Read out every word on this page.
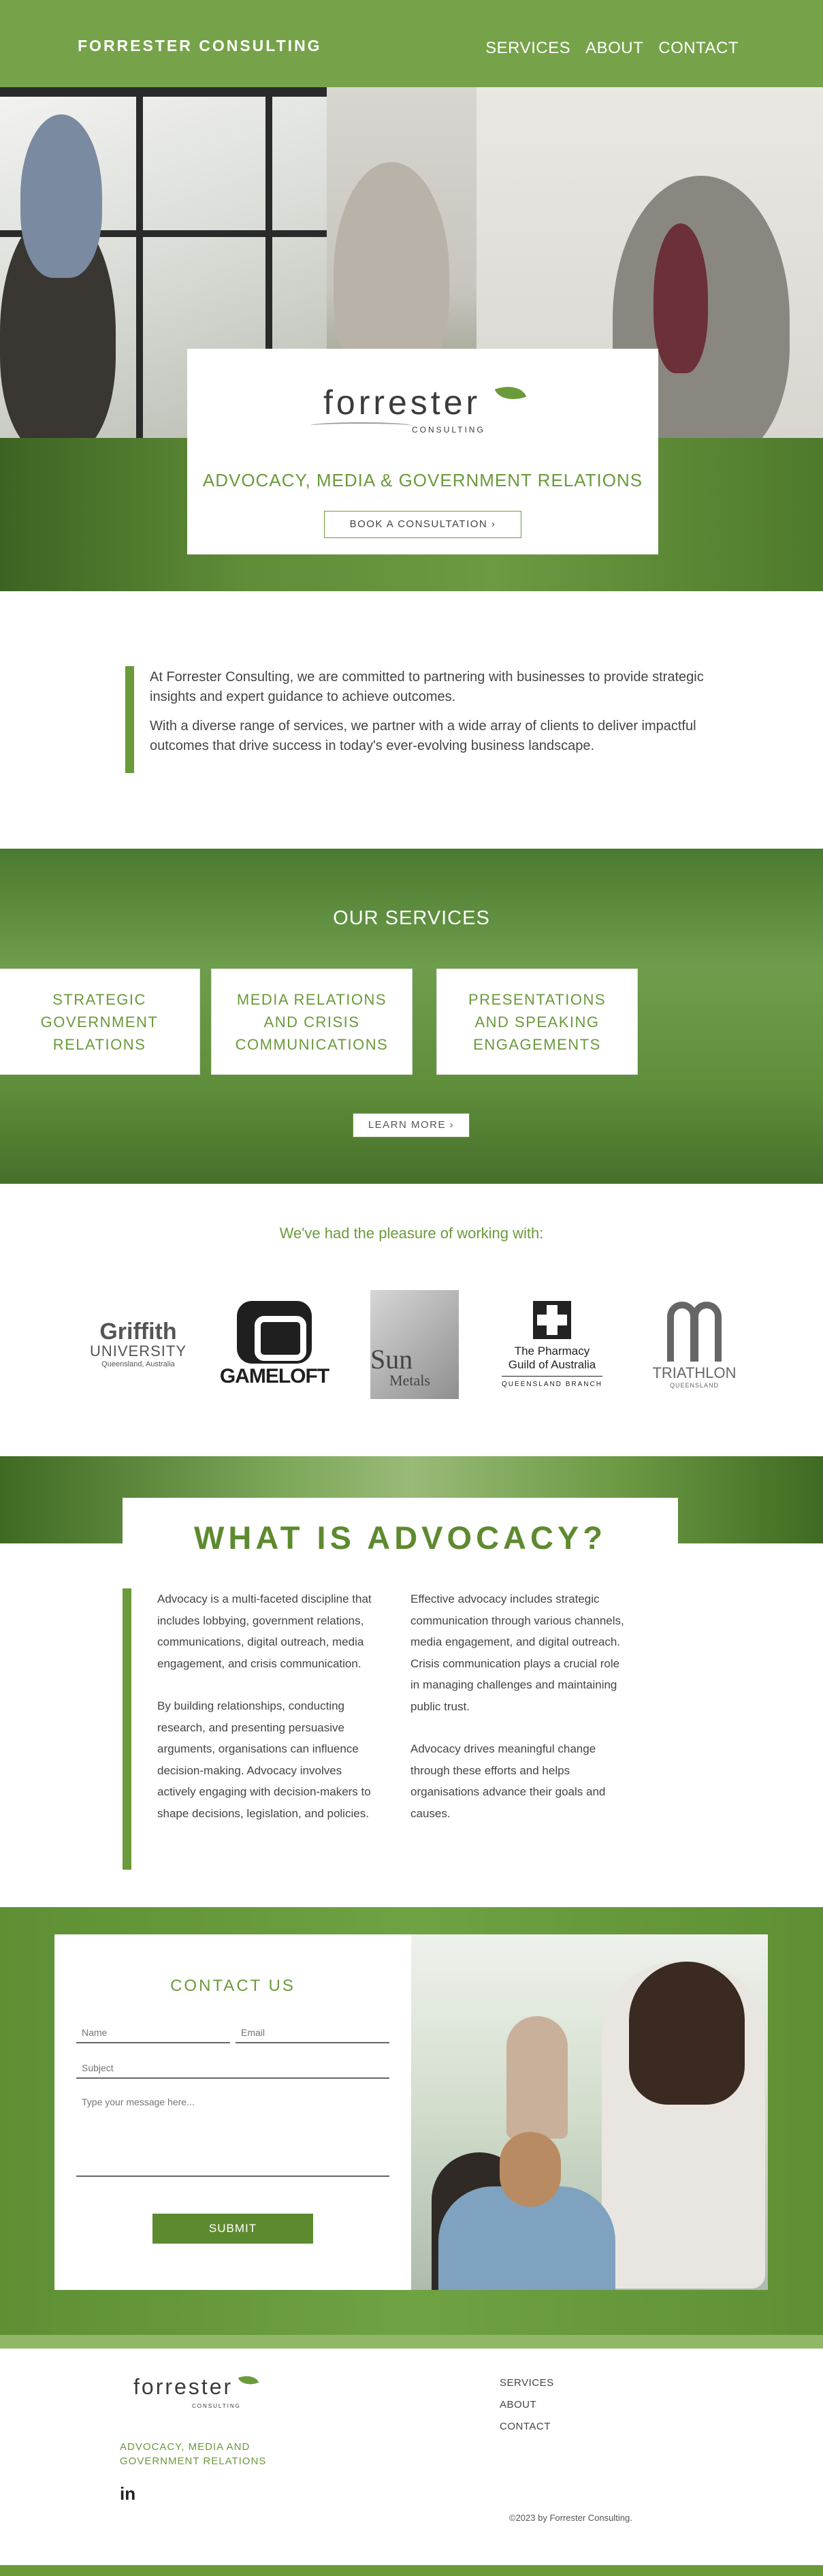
FORRESTER CONSULTING	SERVICES ABOUT CONTACT
forrester
CONSULTING
ADVOCACY, MEDIA & GOVERNMENT RELATIONS
BOOK A CONSULTATION ›

At Forrester Consulting, we are committed to partnering with businesses to provide strategic insights and expert guidance to achieve outcomes.

With a diverse range of services, we partner with a wide array of clients to deliver impactful outcomes that drive success in today's ever-evolving business landscape.

OUR SERVICES
STRATEGIC GOVERNMENT RELATIONS
MEDIA RELATIONS AND CRISIS COMMUNICATIONS
PRESENTATIONS AND SPEAKING ENGAGEMENTS
LEARN MORE ›
We've had the pleasure of working with:
Griffith
UNIVERSITY
Queensland, Australia
GAMELOFT
Sun
Metals
The Pharmacy
Guild of Australia
QUEENSLAND BRANCH
TRIATHLON
QUEENSLAND
WHAT IS ADVOCACY?

Advocacy is a multi-faceted discipline that includes lobbying, government relations, communications, digital outreach, media engagement, and crisis communication.

By building relationships, conducting research, and presenting persuasive arguments, organisations can influence decision-making. Advocacy involves actively engaging with decision-makers to shape decisions, legislation, and policies.

Effective advocacy includes strategic communication through various channels, media engagement, and digital outreach. Crisis communication plays a crucial role in managing challenges and maintaining public trust.

Advocacy drives meaningful change through these efforts and helps organisations advance their goals and causes.

CONTACT US
Name
Email
Subject
Type your message here...
SUBMIT
forrester
CONSULTING
ADVOCACY, MEDIA AND GOVERNMENT RELATIONS
in
SERVICES
ABOUT
CONTACT
©2023 by Forrester Consulting.
